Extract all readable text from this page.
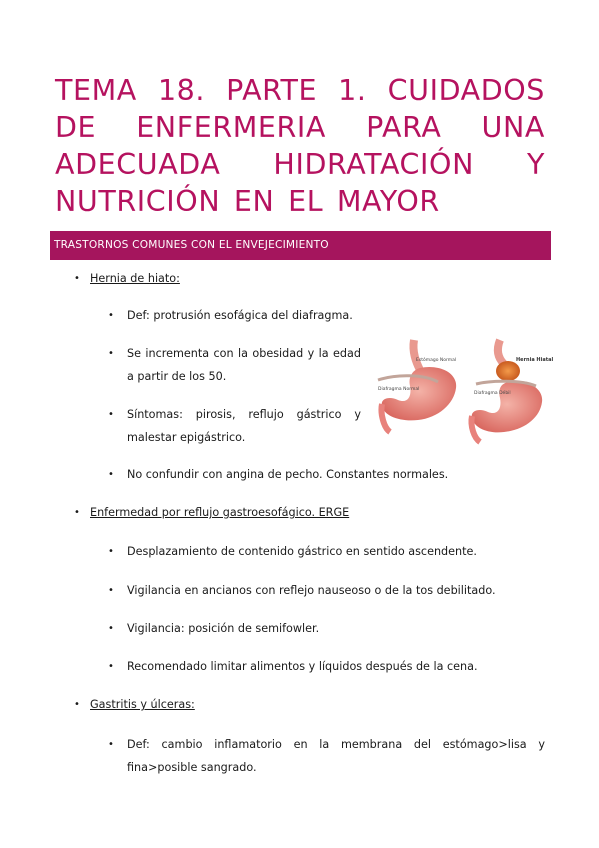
TEMA 18. PARTE 1. CUIDADOS DE ENFERMERIA PARA UNA ADECUADA HIDRATACIÓN Y NUTRICIÓN EN EL MAYOR
TRASTORNOS COMUNES CON EL ENVEJECIMIENTO
• Hernia de hiato:
• Def: protrusión esofágica del diafragma.
• Se incrementa con la obesidad y la edad a partir de los 50.
• Síntomas: pirosis, reflujo gástrico y malestar epigástrico.
• No confundir con angina de pecho. Constantes normales.
Estómago Normal
Diafragma Normal
Hernia Hiatal
Diafragma Débil
• Enfermedad por reflujo gastroesofágico. ERGE
• Desplazamiento de contenido gástrico en sentido ascendente.
• Vigilancia en ancianos con reflejo nauseoso o de la tos debilitado.
• Vigilancia: posición de semifowler.
• Recomendado limitar alimentos y líquidos después de la cena.
• Gastritis y úlceras:
• Def: cambio inflamatorio en la membrana del estómago>lisa y fina>posible sangrado.
